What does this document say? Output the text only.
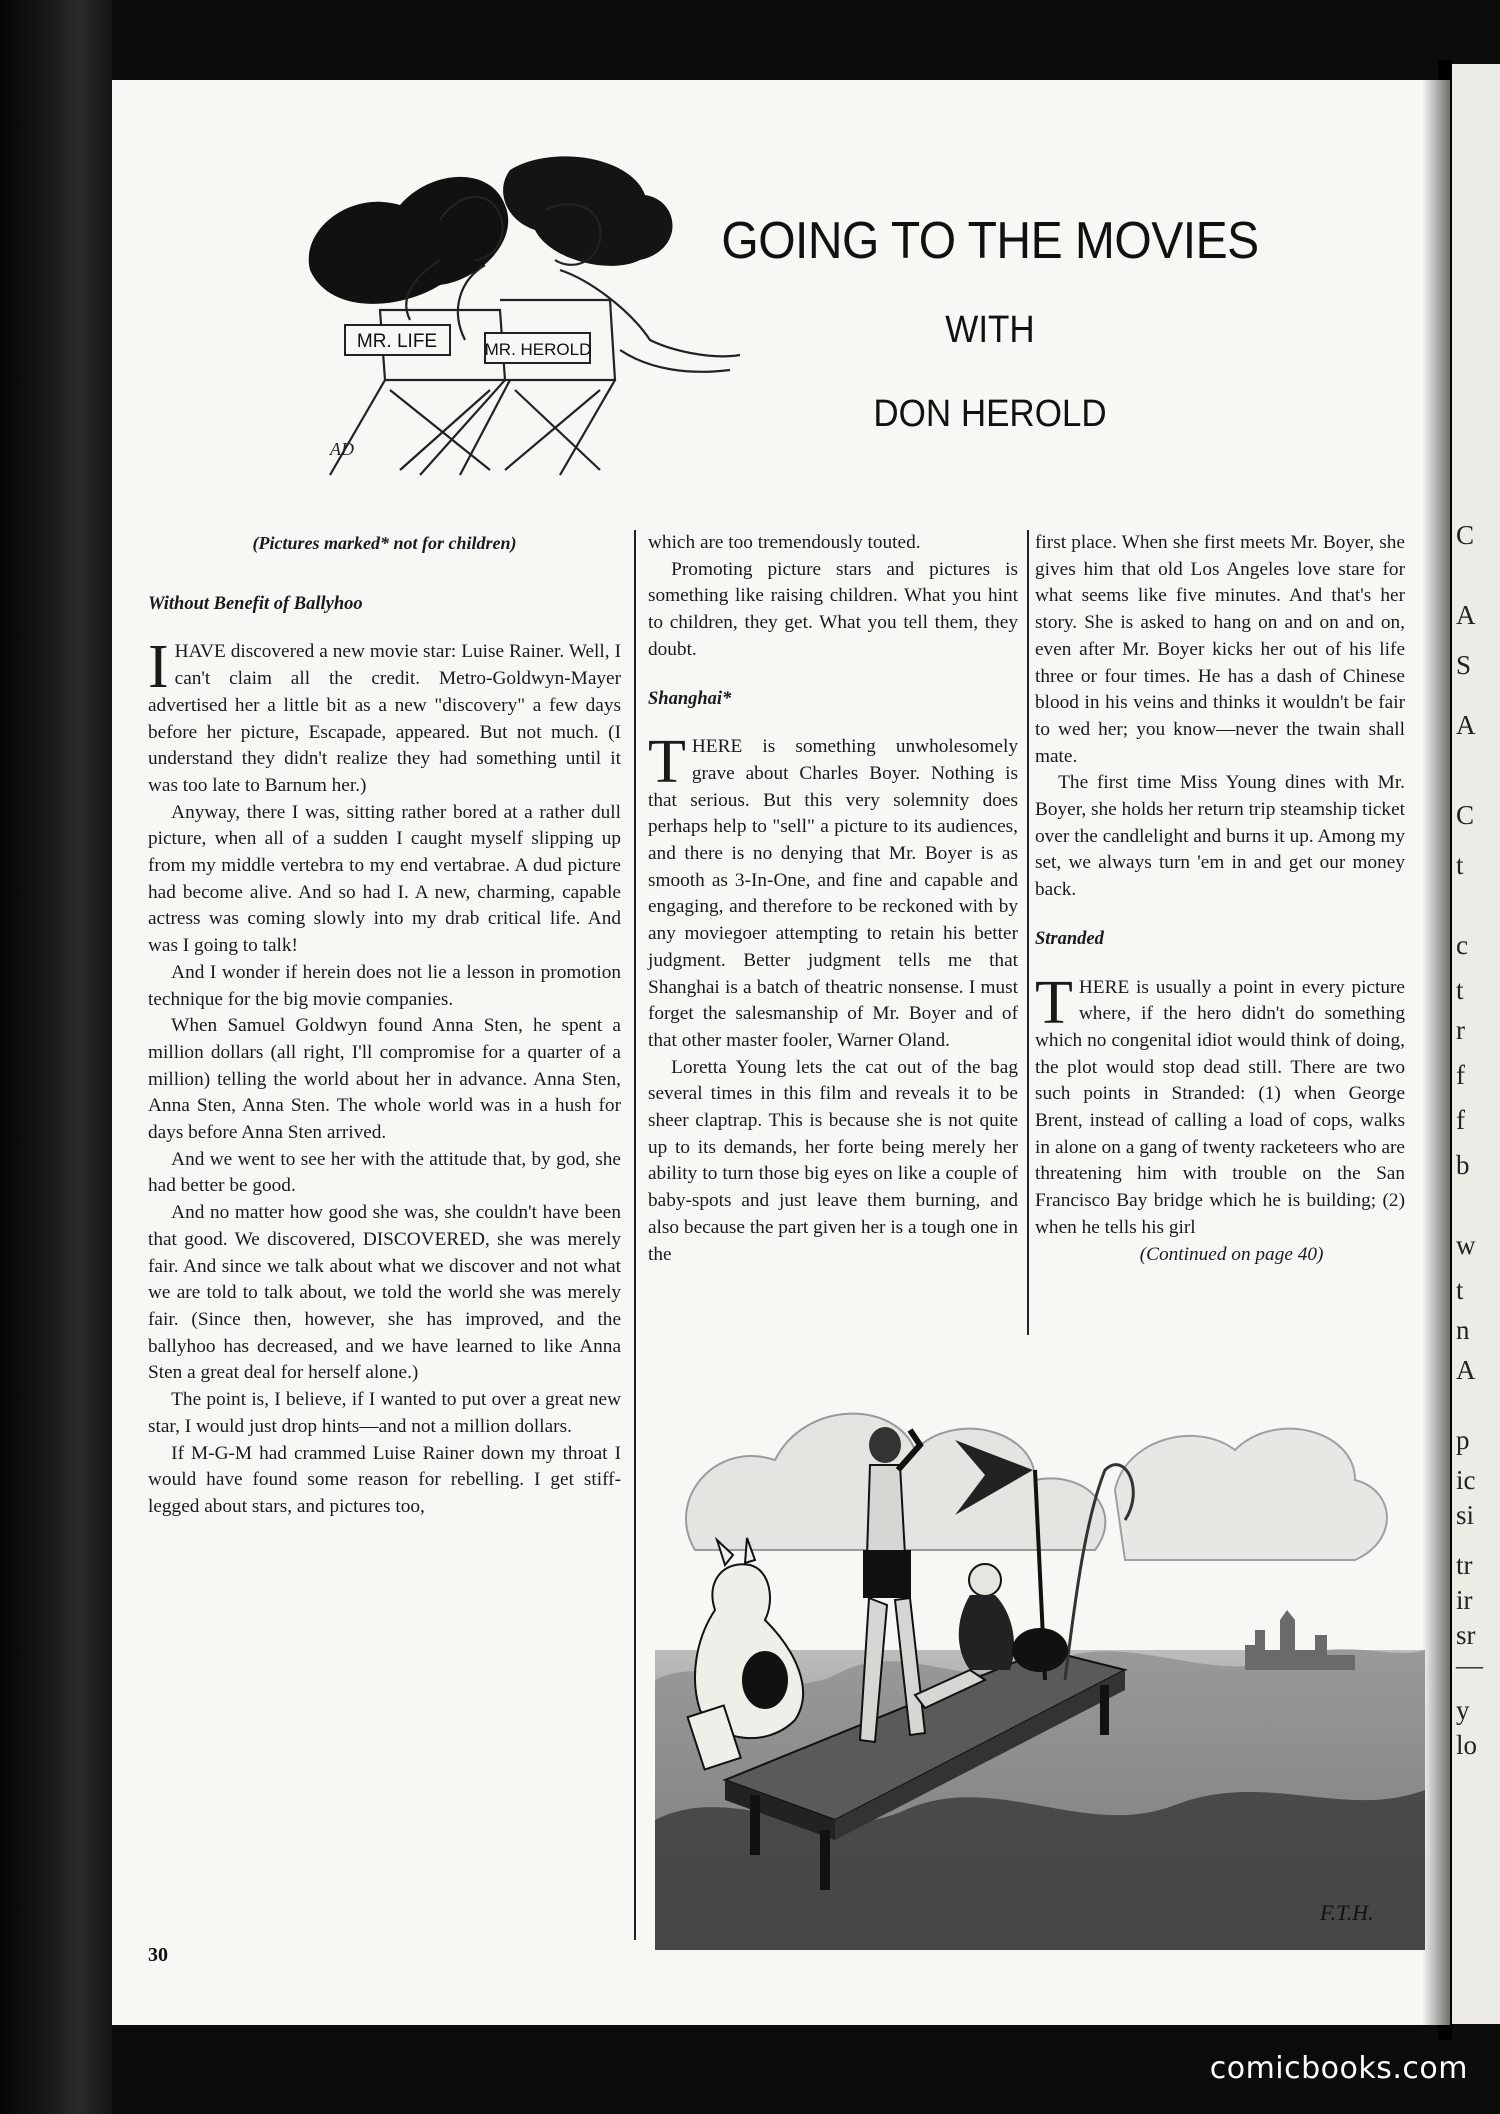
C
A
S
A
C
t
c
t
r
f
f
b
w
t
n
A
p
ic
si
tr
ir
sr
—
y
lo
MR. LIFE	MR. HEROLD
AD
GOING TO THE MOVIES
WITH
DON HEROLD

(Pictures marked* not for children)

Without Benefit of Ballyhoo

IHAVE discovered a new movie star: Luise Rainer. Well, I can't claim all the credit. Metro-Goldwyn-Mayer advertised her a little bit as a new "discovery" a few days before her picture, Escapade, appeared. But not much. (I understand they didn't realize they had something until it was too late to Barnum her.)

Anyway, there I was, sitting rather bored at a rather dull picture, when all of a sudden I caught myself slipping up from my middle vertebra to my end vertabrae. A dud picture had become alive. And so had I. A new, charming, capable actress was coming slowly into my drab critical life. And was I going to talk!

And I wonder if herein does not lie a lesson in promotion technique for the big movie companies.

When Samuel Goldwyn found Anna Sten, he spent a million dollars (all right, I'll compromise for a quarter of a million) telling the world about her in advance. Anna Sten, Anna Sten, Anna Sten. The whole world was in a hush for days before Anna Sten arrived.

And we went to see her with the attitude that, by god, she had better be good.

And no matter how good she was, she couldn't have been that good. We discovered, DISCOVERED, she was merely fair. And since we talk about what we discover and not what we are told to talk about, we told the world she was merely fair. (Since then, however, she has improved, and the ballyhoo has decreased, and we have learned to like Anna Sten a great deal for herself alone.)

The point is, I believe, if I wanted to put over a great new star, I would just drop hints—and not a million dollars.

If M-G-M had crammed Luise Rainer down my throat I would have found some reason for rebelling. I get stiff-legged about stars, and pictures too,

which are too tremendously touted.

Promoting picture stars and pictures is something like raising children. What you hint to children, they get. What you tell them, they doubt.

Shanghai*

THERE is something unwholesomely grave about Charles Boyer. Nothing is that serious. But this very solemnity does perhaps help to "sell" a picture to its audiences, and there is no denying that Mr. Boyer is as smooth as 3-In-One, and fine and capable and engaging, and therefore to be reckoned with by any moviegoer attempting to retain his better judgment. Better judgment tells me that Shanghai is a batch of theatric nonsense. I must forget the salesmanship of Mr. Boyer and of that other master fooler, Warner Oland.

Loretta Young lets the cat out of the bag several times in this film and reveals it to be sheer claptrap. This is because she is not quite up to its demands, her forte being merely her ability to turn those big eyes on like a couple of baby-spots and just leave them burning, and also because the part given her is a tough one in the

first place. When she first meets Mr. Boyer, she gives him that old Los Angeles love stare for what seems like five minutes. And that's her story. She is asked to hang on and on and on, even after Mr. Boyer kicks her out of his life three or four times. He has a dash of Chinese blood in his veins and thinks it wouldn't be fair to wed her; you know—never the twain shall mate.

The first time Miss Young dines with Mr. Boyer, she holds her return trip steamship ticket over the candlelight and burns it up. Among my set, we always turn 'em in and get our money back.

Stranded

THERE is usually a point in every picture where, if the hero didn't do something which no congenital idiot would think of doing, the plot would stop dead still. There are two such points in Stranded: (1) when George Brent, instead of calling a load of cops, walks in alone on a gang of twenty racketeers who are threatening him with trouble on the San Francisco Bay bridge which he is building; (2) when he tells his girl

(Continued on page 40)

F.T.H.
30
comicbooks.com
